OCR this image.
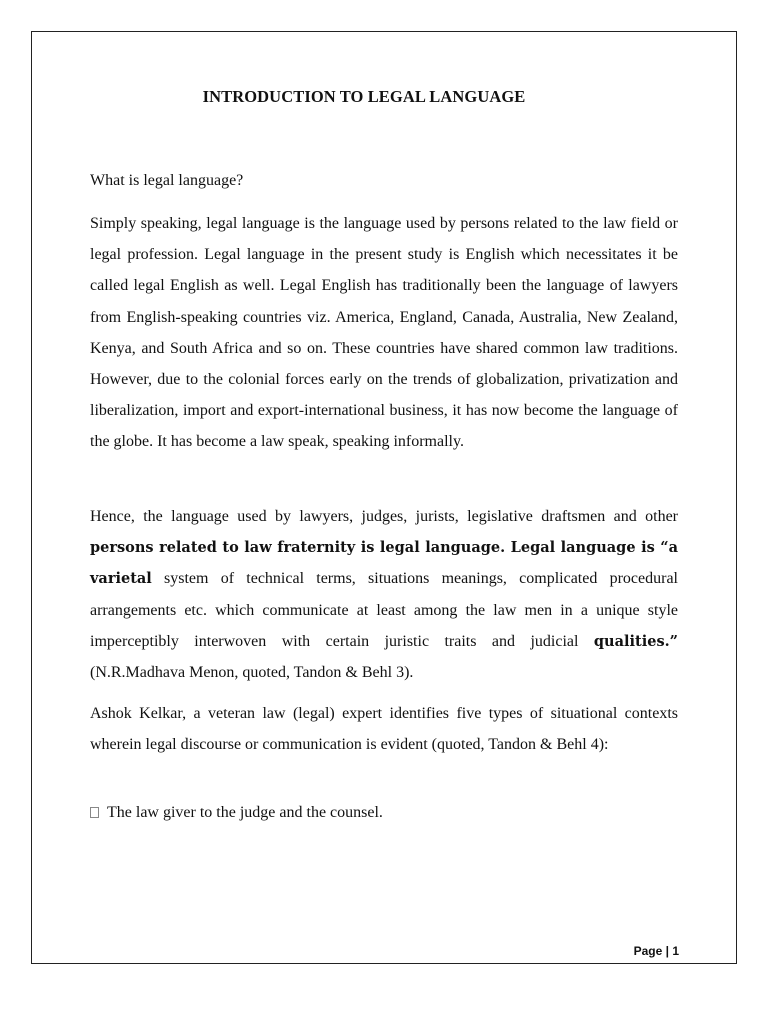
INTRODUCTION TO LEGAL LANGUAGE

What is legal language?

Simply speaking, legal language is the language used by persons related to the law field or legal profession. Legal language in the present study is English which necessitates it be called legal English as well. Legal English has traditionally been the language of lawyers from English-speaking countries viz. America, England, Canada, Australia, New Zealand, Kenya, and South Africa and so on. These countries have shared common law traditions. However, due to the colonial forces early on the trends of globalization, privatization and liberalization, import and export-international business, it has now become the language of the globe. It has become a law speak, speaking informally.

Hence, the language used by lawyers, judges, jurists, legislative draftsmen and other persons related to law fraternity is legal language. Legal language is “a varietal system of technical terms, situations meanings, complicated procedural arrangements etc. which communicate at least among the law men in a unique style imperceptibly interwoven with certain juristic traits and judicial qualities.” (N.R.Madhava Menon, quoted, Tandon & Behl 3).

Ashok Kelkar, a veteran law (legal) expert identifies five types of situational contexts wherein legal discourse or communication is evident (quoted, Tandon & Behl 4):

The law giver to the judge and the counsel.

Page | 1
